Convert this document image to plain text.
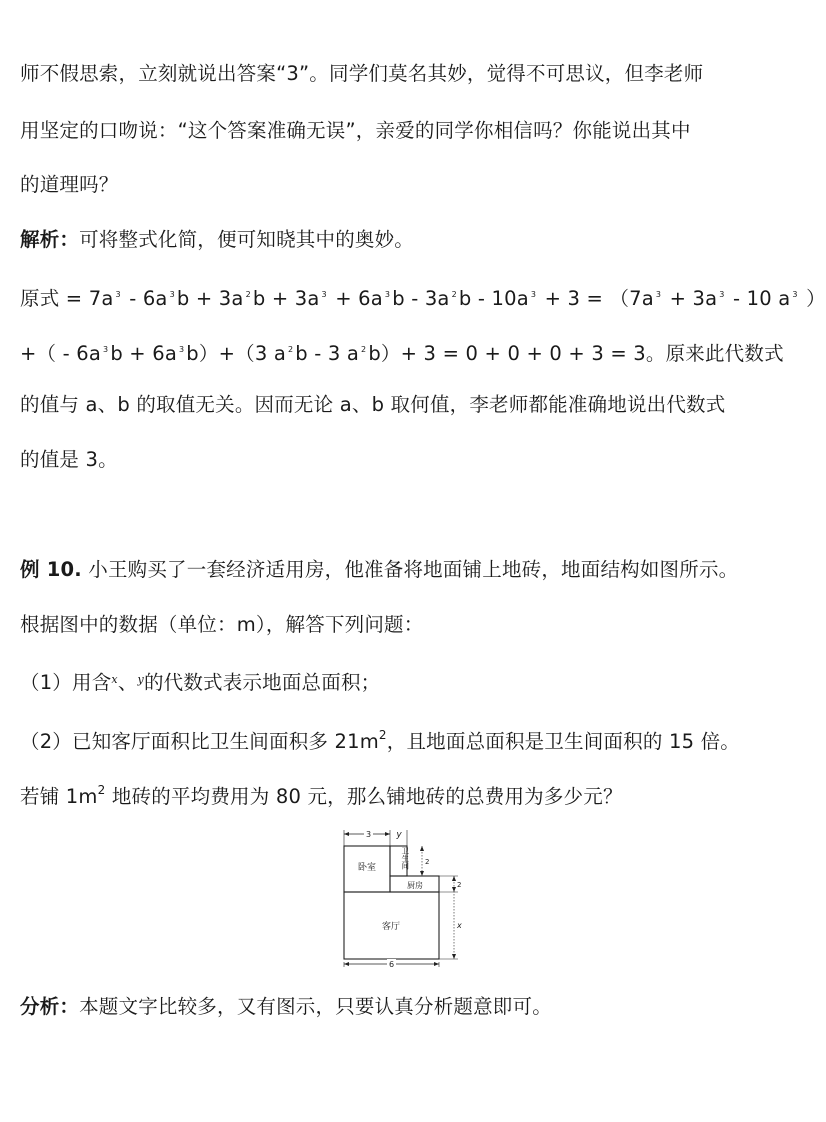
师不假思索，立刻就说出答案“3”。同学们莫名其妙，觉得不可思议，但李老师
用坚定的口吻说：“这个答案准确无误”，亲爱的同学你相信吗？你能说出其中
的道理吗？
解析：可将整式化简，便可知晓其中的奥妙。
原式 = 7a $^3$ - 6a $^3$ b + 3a $^2$ b + 3a $^3$ + 6a $^3$ b - 3a $^2$ b - 10a $^3$ + 3 = （7a $^3$ + 3a $^3$ - 10 a $^3$ ）
+（ - 6a $^3$ b + 6a $^3$ b）+（3 a $^2$ b - 3 a $^2$ b）+ 3 = 0 + 0 + 0 + 3 = 3。原来此代数式
的值与 a、b 的取值无关。因而无论 a、b 取何值，李老师都能准确地说出代数式
的值是 3。
例 10. 小王购买了一套经济适用房，他准备将地面铺上地砖，地面结构如图所示。
根据图中的数据（单位：m），解答下列问题：
（1）用含$^x$、$^y$的代数式表示地面总面积；
（2）已知客厅面积比卫生间面积多 $21m^2$，且地面总面积是卫生间面积的 15 倍。
若铺 $1m^2$ 地砖的平均费用为 80 元，那么铺地砖的总费用为多少元？
3	y
卧室
卫生间
厨房
客厅
2
2
x
6
分析：本题文字比较多，又有图示，只要认真分析题意即可。
